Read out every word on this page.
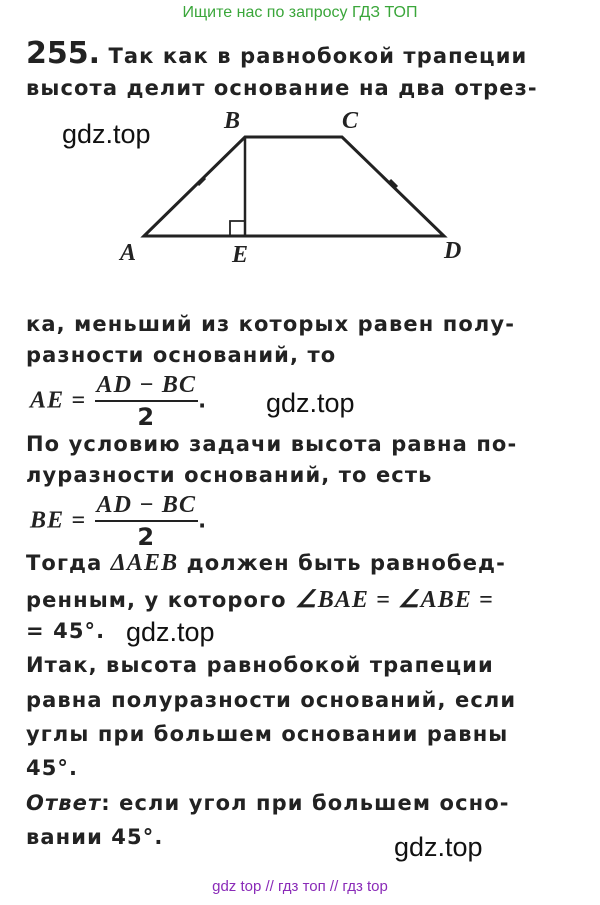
Ищите нас по запросу ГДЗ ТОП
255. Так как в равнобокой трапеции
высота делит основание на два отрез-
gdz.top	B	C
A	E	D
ка, меньший из которых равен полу-
разности оснований, то
AE = $\frac{AD - BC}{2}$ . gdz.top
По условию задачи высота равна по-
луразности оснований, то есть
BE = $\frac{AD - BC}{2}$ .
Тогда ΔAEB должен быть равнобед-
ренным, у которого ∠BAE = ∠ABE =
= 45°. gdz.top
Итак, высота равнобокой трапеции
равна полуразности оснований, если
углы при большем основании равны
45°.
Ответ: если угол при большем осно-
вании 45°.	gdz.top
gdz top // гдз топ // гдз top
